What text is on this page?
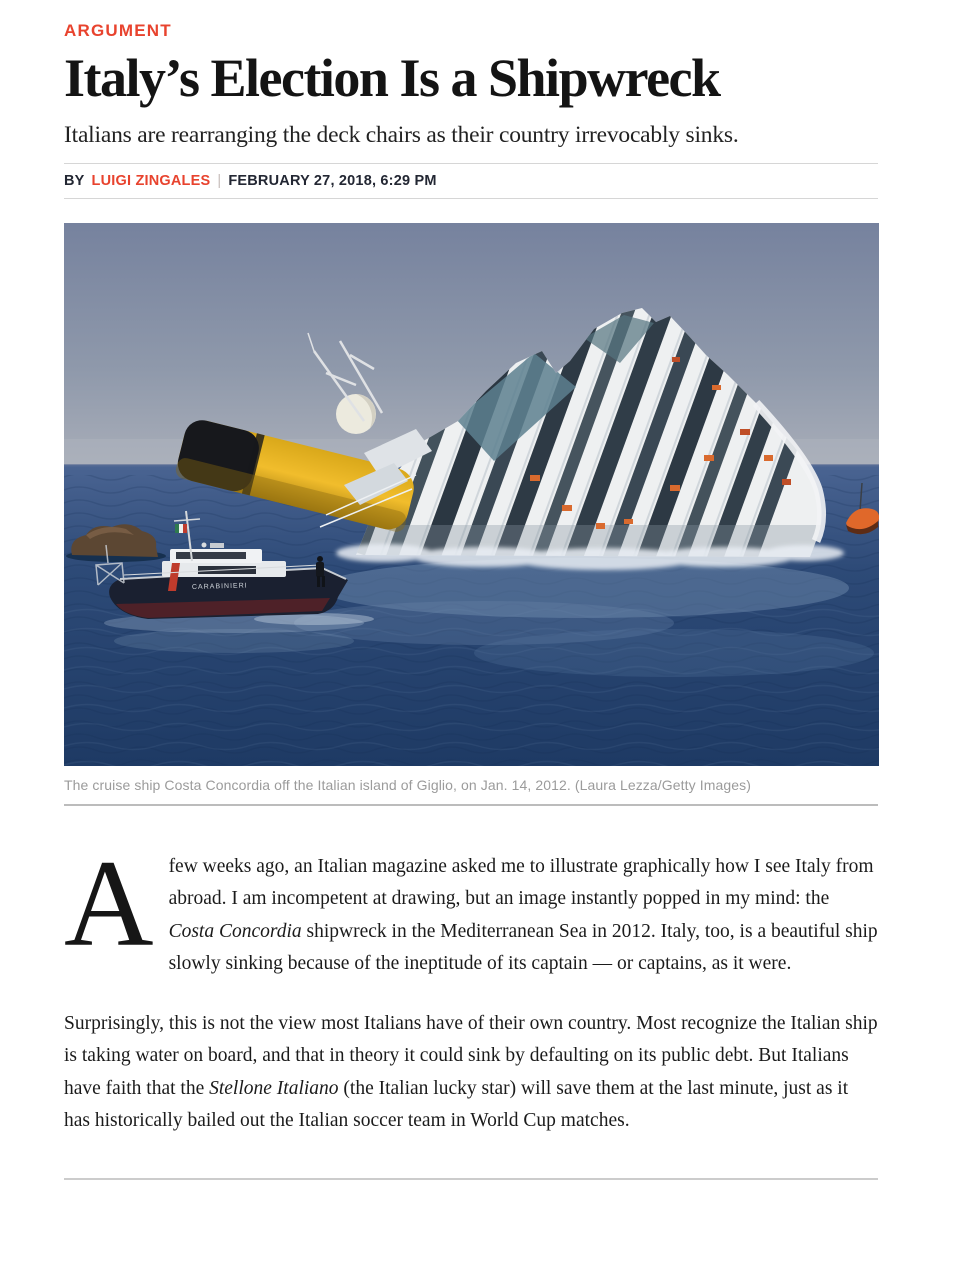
ARGUMENT
Italy’s Election Is a Shipwreck
Italians are rearranging the deck chairs as their country irrevocably sinks.
BY LUIGI ZINGALES | FEBRUARY 27, 2018, 6:29 PM
CARABINIERI
The cruise ship Costa Concordia off the Italian island of Giglio, on Jan. 14, 2012. (Laura Lezza/Getty Images)

Afew weeks ago, an Italian magazine asked me to illustrate graphically how I see Italy from abroad. I am incompetent at drawing, but an image instantly popped in my mind: the Costa Concordia shipwreck in the Mediterranean Sea in 2012. Italy, too, is a beautiful ship slowly sinking because of the ineptitude of its captain — or captains, as it were.

Surprisingly, this is not the view most Italians have of their own country. Most recognize the Italian ship is taking water on board, and that in theory it could sink by defaulting on its public debt. But Italians have faith that the Stellone Italiano (the Italian lucky star) will save them at the last minute, just as it has historically bailed out the Italian soccer team in World Cup matches.
